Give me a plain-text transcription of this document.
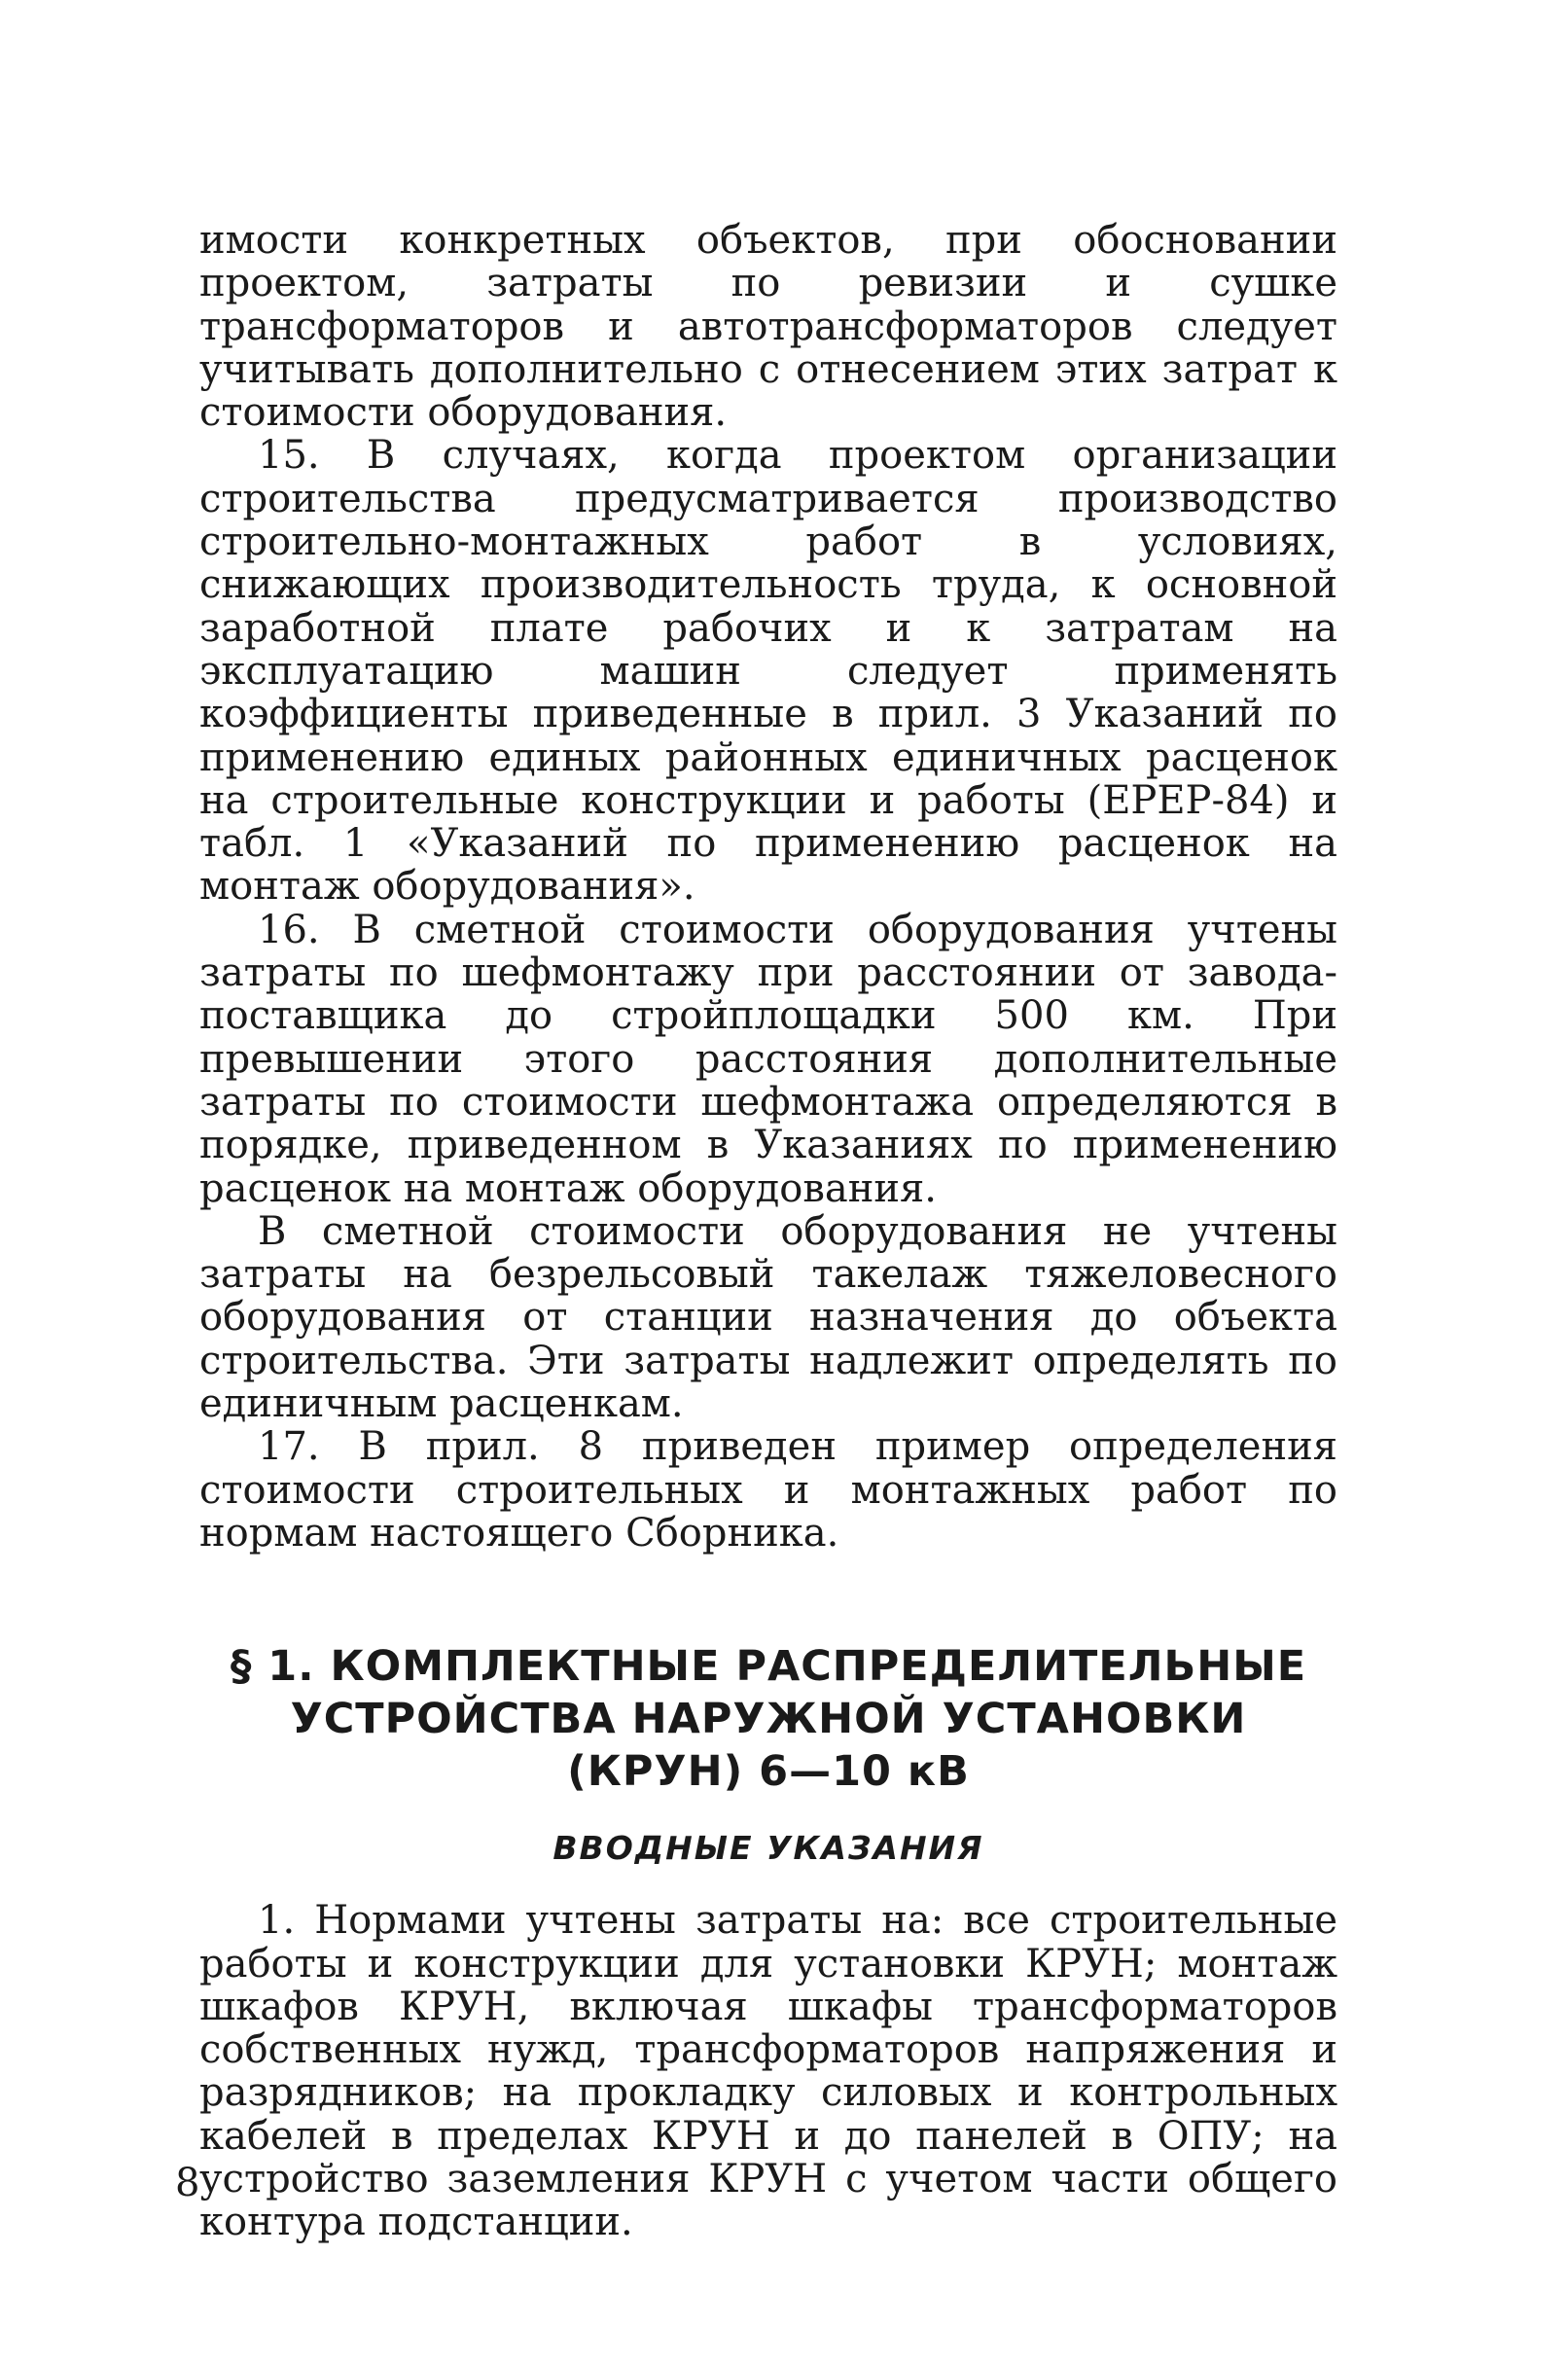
имости конкретных объектов, при обосновании проектом, затраты по ревизии и сушке трансформаторов и автотрансформаторов следует учитывать дополнительно с отнесением этих затрат к стоимости оборудования.

15. В случаях, когда проектом организации строительства предусматривается производство строительно-монтажных работ в условиях, снижающих производительность труда, к основной заработной плате рабочих и к затратам на эксплуатацию машин следует применять коэффициенты приведенные в прил. 3 Указаний по применению единых районных единичных расценок на строительные конструкции и работы (ЕРЕР-84) и табл. 1 «Указаний по применению расценок на монтаж оборудования».

16. В сметной стоимости оборудования учтены затраты по шефмонтажу при расстоянии от завода-поставщика до стройплощадки 500 км. При превышении этого расстояния дополнительные затраты по стоимости шефмонтажа определяются в порядке, приведенном в Указаниях по применению расценок на монтаж оборудования.

В сметной стоимости оборудования не учтены затраты на безрельсовый такелаж тяжеловесного оборудования от станции назначения до объекта строительства. Эти затраты надлежит определять по единичным расценкам.

17. В прил. 8 приведен пример определения стоимости строительных и монтажных работ по нормам настоящего Сборника.

§ 1. КОМПЛЕКТНЫЕ РАСПРЕДЕЛИТЕЛЬНЫЕ

УСТРОЙСТВА НАРУЖНОЙ УСТАНОВКИ

(КРУН) 6—10 кВ

ВВОДНЫЕ УКАЗАНИЯ

1. Нормами учтены затраты на: все строительные работы и конструкции для установки КРУН; монтаж шкафов КРУН, включая шкафы трансформаторов собственных нужд, трансформаторов напряжения и разрядников; на прокладку силовых и контрольных кабелей в пределах КРУН и до панелей в ОПУ; на устройство заземления КРУН с учетом части общего контура подстанции.

8
